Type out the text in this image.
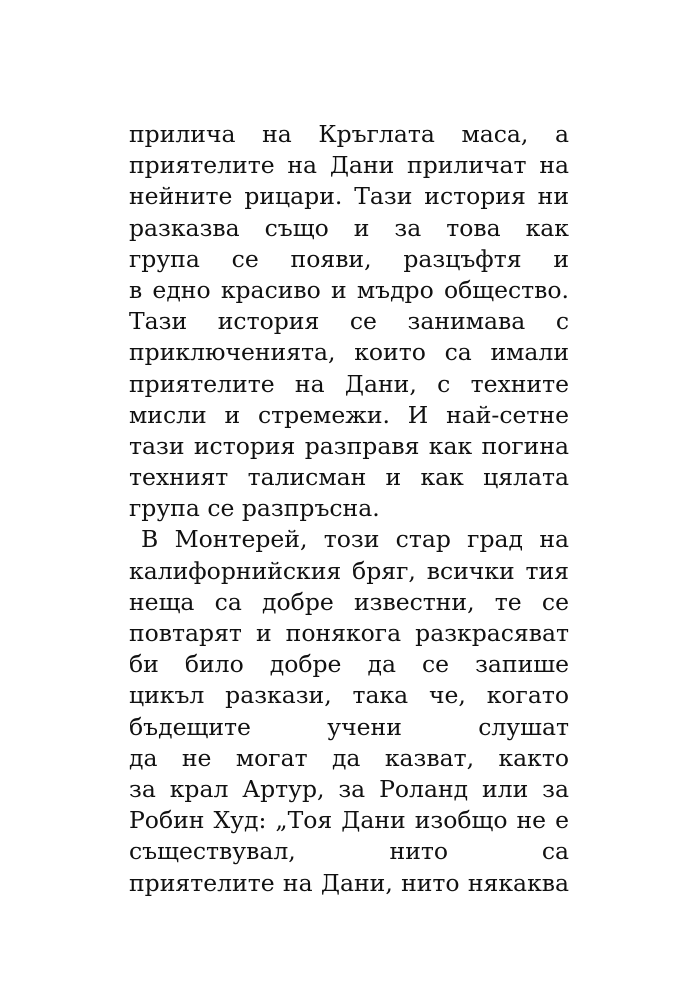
прилича на Кръглата маса, а
приятелите на Дани приличат на
нейните рицари. Тази история ни
разказва също и за това как
група се появи, разцъфтя и
в едно красиво и мъдро общество.
Тази история се занимава с
приключенията, които са имали
приятелите на Дани, с техните
мисли и стремежи. И най-сетне
тази история разправя как погина
техният талисман и как цялата
група се разпръсна.
В Монтерей, този стар град на
калифорнийския бряг, всички тия
неща са добре известни, те се
повтарят и понякога разкрасяват
би било добре да се запише
цикъл разкази, така че, когато
бъдещите учени слушат
да не могат да казват, както
за крал Артур, за Роланд или за
Робин Худ: „Тоя Дани изобщо не е
съществувал, нито са
приятелите на Дани, нито някаква
